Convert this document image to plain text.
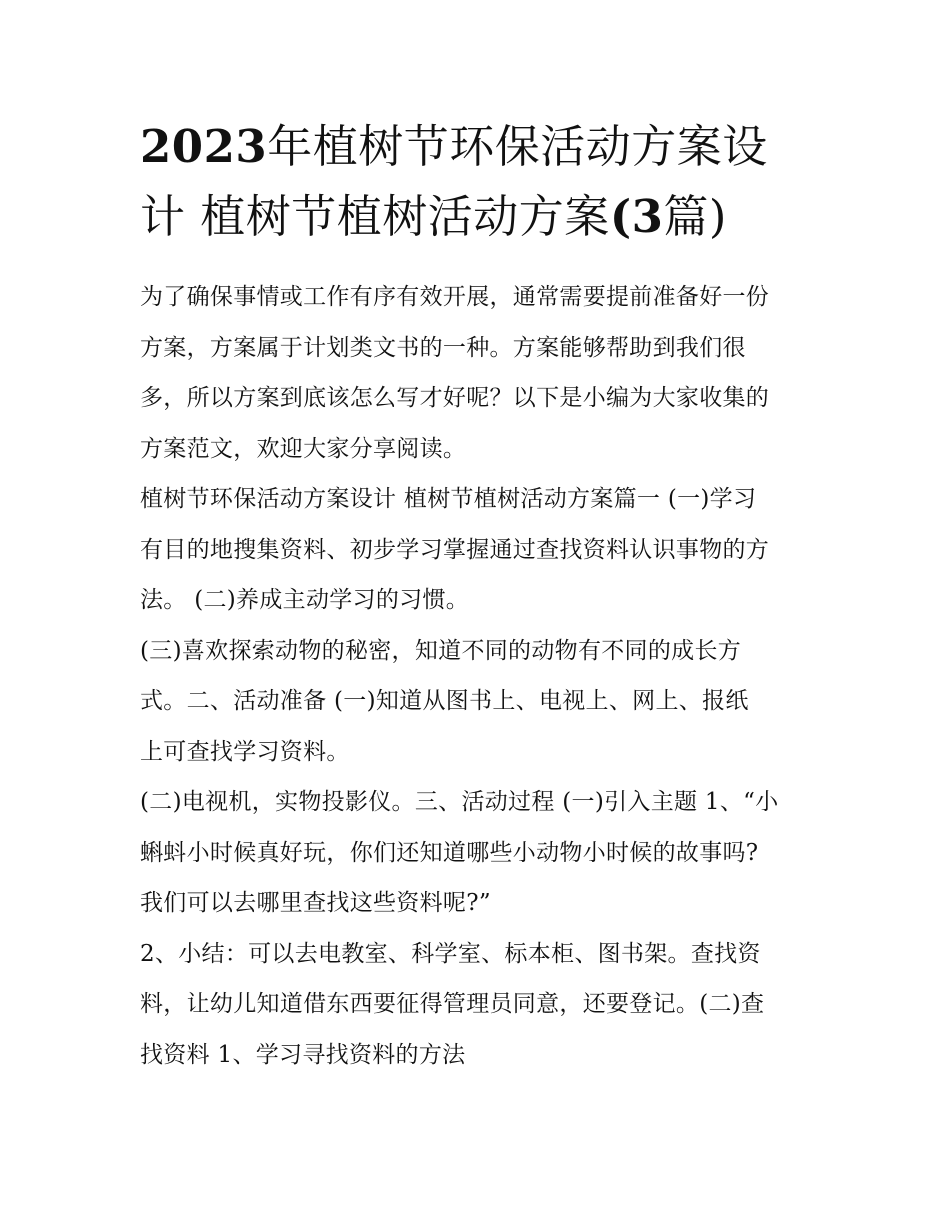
2023年植树节环保活动方案设
计 植树节植树活动方案(3篇)

为了确保事情或工作有序有效开展，通常需要提前准备好一份
方案，方案属于计划类文书的一种。方案能够帮助到我们很
多，所以方案到底该怎么写才好呢？以下是小编为大家收集的
方案范文，欢迎大家分享阅读。

植树节环保活动方案设计 植树节植树活动方案篇一 (一)学习
有目的地搜集资料、初步学习掌握通过查找资料认识事物的方
法。 (二)养成主动学习的习惯。

(三)喜欢探索动物的秘密，知道不同的动物有不同的成长方
式。二、活动准备 (一)知道从图书上、电视上、网上、报纸
上可查找学习资料。

(二)电视机，实物投影仪。三、活动过程 (一)引入主题 1、“小
蝌蚪小时候真好玩，你们还知道哪些小动物小时候的故事吗?
我们可以去哪里查找这些资料呢?”

2、小结：可以去电教室、科学室、标本柜、图书架。查找资
料，让幼儿知道借东西要征得管理员同意，还要登记。(二)查
找资料 1、学习寻找资料的方法
